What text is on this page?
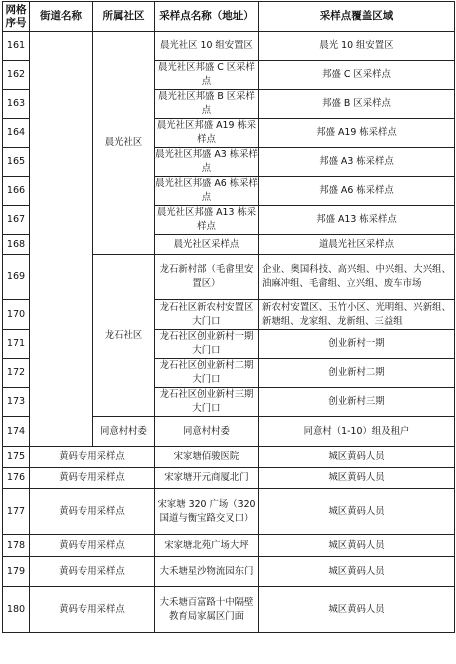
网格序号	街道名称	所属社区	采样点名称（地址）	采样点覆盖区域
161		晨光社区	晨光社区 10 组安置区	晨光 10 组安置区
162			晨光社区邦盛 C 区采样点	邦盛 C 区采样点
163			晨光社区邦盛 B 区采样点	邦盛 B 区采样点
164			晨光社区邦盛 A19 栋采样点	邦盛 A19 栋采样点
165			晨光社区邦盛 A3 栋采样点	邦盛 A3 栋采样点
166			晨光社区邦盛 A6 栋采样点	邦盛 A6 栋采样点
167			晨光社区邦盛 A13 栋采样点	邦盛 A13 栋采样点
168			晨光社区采样点	道晨光社区采样点
169		龙石社区	龙石新村部（毛畲里安置区）	企业、奥国科技、高兴组、中兴组、大兴组、油麻冲组、毛畲组、立兴组、废车市场
170			龙石社区新农村安置区大门口	新农村安置区、玉竹小区、光明组、兴新组、新塘组、龙家组、龙新组、三益组
171			龙石社区创业新村一期大门口	创业新村一期
172			龙石社区创业新村二期大门口	创业新村二期
173			龙石社区创业新村三期大门口	创业新村三期
174		同意村村委	同意村村委	同意村（1-10）组及租户
175	黄码专用采样点		宋家塘佰骏医院	城区黄码人员
176	黄码专用采样点		宋家塘开元商厦北门	城区黄码人员
177	黄码专用采样点		宋家塘 320 广场（320 国道与衡宝路交叉口）	城区黄码人员
178	黄码专用采样点		宋家塘北苑广场大坪	城区黄码人员
179	黄码专用采样点		大禾塘星沙物流园东门	城区黄码人员
180	黄码专用采样点		大禾塘百富路十中隔壁教育局家属区门面	城区黄码人员
